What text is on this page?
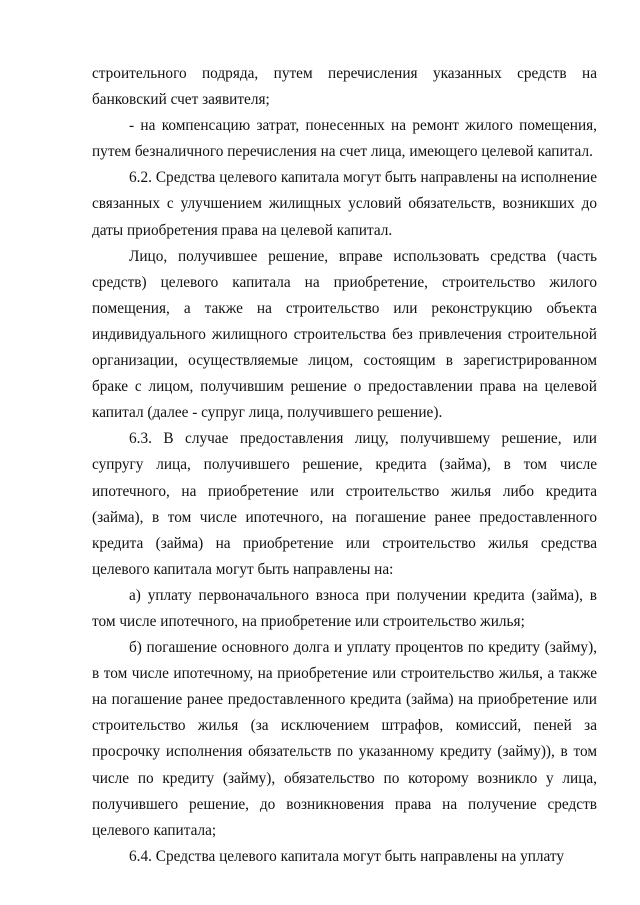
строительного подряда, путем перечисления указанных средств на банковский счет заявителя;

- на компенсацию затрат, понесенных на ремонт жилого помещения, путем безналичного перечисления на счет лица, имеющего целевой капитал.

6.2. Средства целевого капитала могут быть направлены на исполнение связанных с улучшением жилищных условий обязательств, возникших до даты приобретения права на целевой капитал.

Лицо, получившее решение, вправе использовать средства (часть средств) целевого капитала на приобретение, строительство жилого помещения, а также на строительство или реконструкцию объекта индивидуального жилищного строительства без привлечения строительной организации, осуществляемые лицом, состоящим в зарегистрированном браке с лицом, получившим решение о предоставлении права на целевой капитал (далее - супруг лица, получившего решение).

6.3. В случае предоставления лицу, получившему решение, или супругу лица, получившего решение, кредита (займа), в том числе ипотечного, на приобретение или строительство жилья либо кредита (займа), в том числе ипотечного, на погашение ранее предоставленного кредита (займа) на приобретение или строительство жилья средства целевого капитала могут быть направлены на:

а) уплату первоначального взноса при получении кредита (займа), в том числе ипотечного, на приобретение или строительство жилья;

б) погашение основного долга и уплату процентов по кредиту (займу), в том числе ипотечному, на приобретение или строительство жилья, а также на погашение ранее предоставленного кредита (займа) на приобретение или строительство жилья (за исключением штрафов, комиссий, пеней за просрочку исполнения обязательств по указанному кредиту (займу)), в том числе по кредиту (займу), обязательство по которому возникло у лица, получившего решение, до возникновения права на получение средств целевого капитала;

6.4. Средства целевого капитала могут быть направлены на уплату
